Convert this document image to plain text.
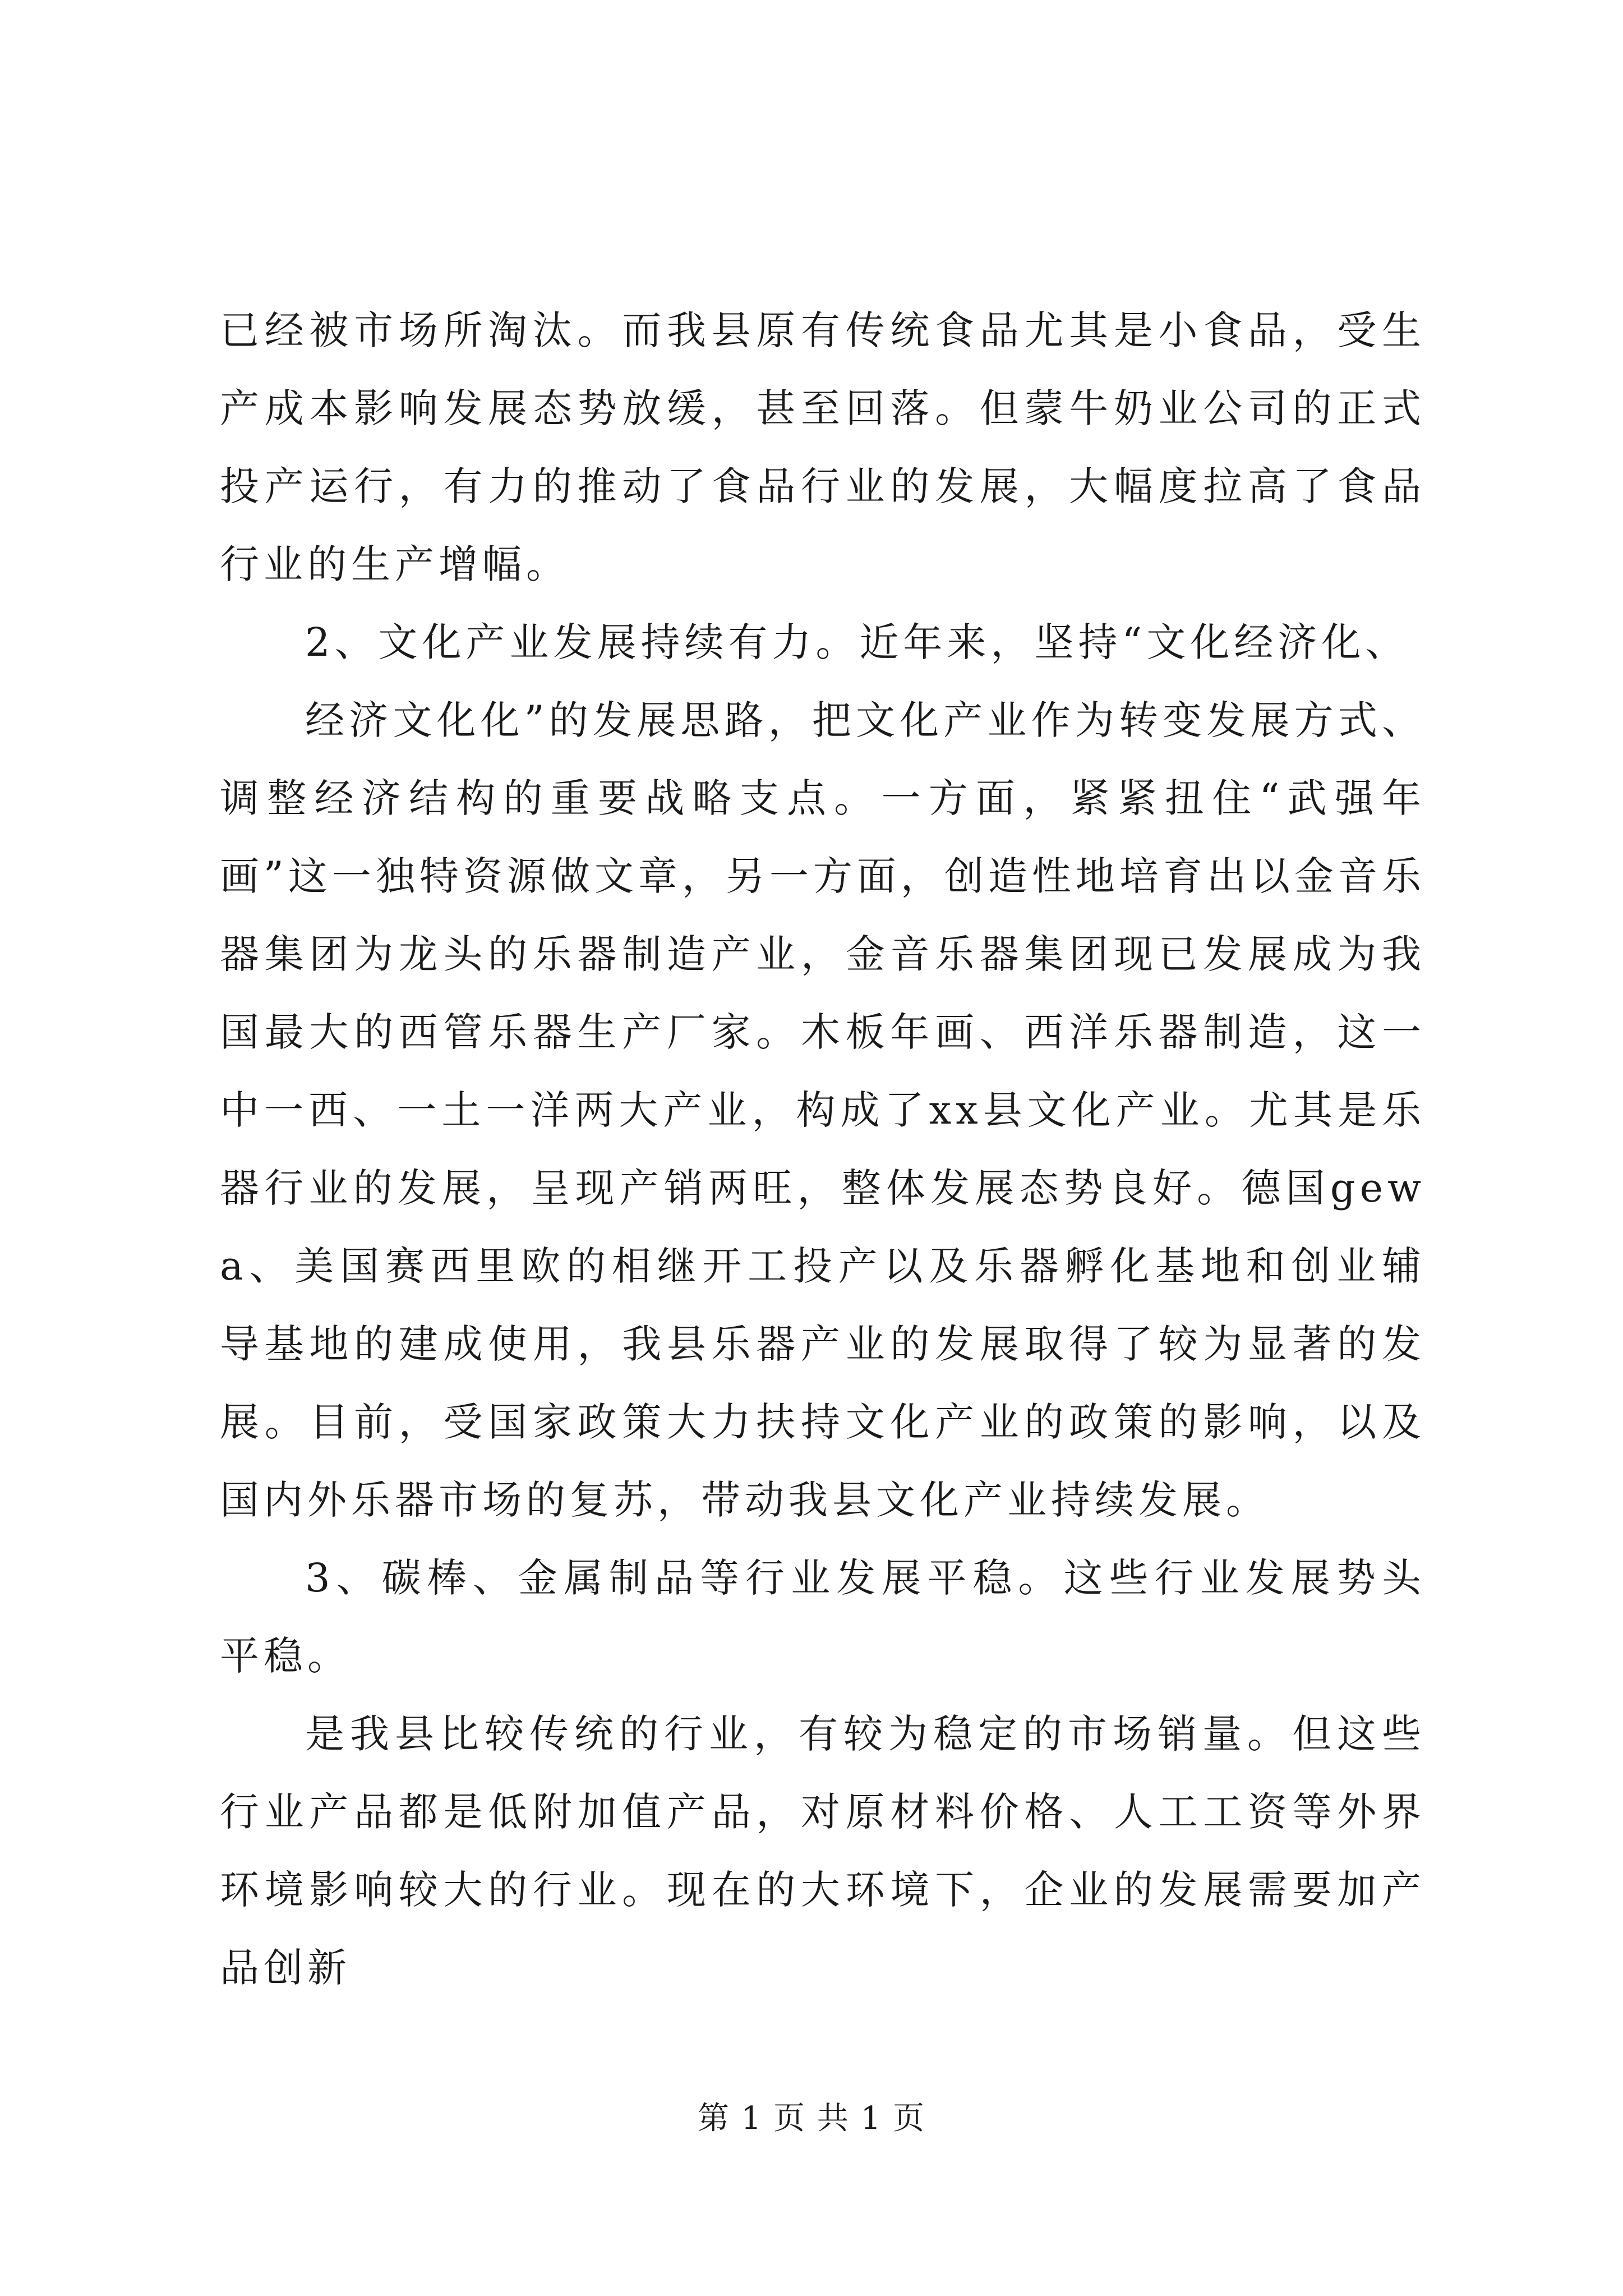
已经被市场所淘汰。而我县原有传统食品尤其是小食品，受生产成本影响发展态势放缓，甚至回落。但蒙牛奶业公司的正式投产运行，有力的推动了食品行业的发展，大幅度拉高了食品行业的生产增幅。

2、文化产业发展持续有力。近年来，坚持“文化经济化、

经济文化化”的发展思路，把文化产业作为转变发展方式、调整经济结构的重要战略支点。一方面，紧紧扭住“武强年画”这一独特资源做文章，另一方面，创造性地培育出以金音乐器集团为龙头的乐器制造产业，金音乐器集团现已发展成为我国最大的西管乐器生产厂家。木板年画、西洋乐器制造，这一中一西、一土一洋两大产业，构成了xx县文化产业。尤其是乐器行业的发展，呈现产销两旺，整体发展态势良好。德国gewa、美国赛西里欧的相继开工投产以及乐器孵化基地和创业辅导基地的建成使用，我县乐器产业的发展取得了较为显著的发展。目前，受国家政策大力扶持文化产业的政策的影响，以及国内外乐器市场的复苏，带动我县文化产业持续发展。

3、碳棒、金属制品等行业发展平稳。这些行业发展势头平稳。

是我县比较传统的行业，有较为稳定的市场销量。但这些行业产品都是低附加值产品，对原材料价格、人工工资等外界环境影响较大的行业。现在的大环境下，企业的发展需要加产品创新

第 1 页 共 1 页
